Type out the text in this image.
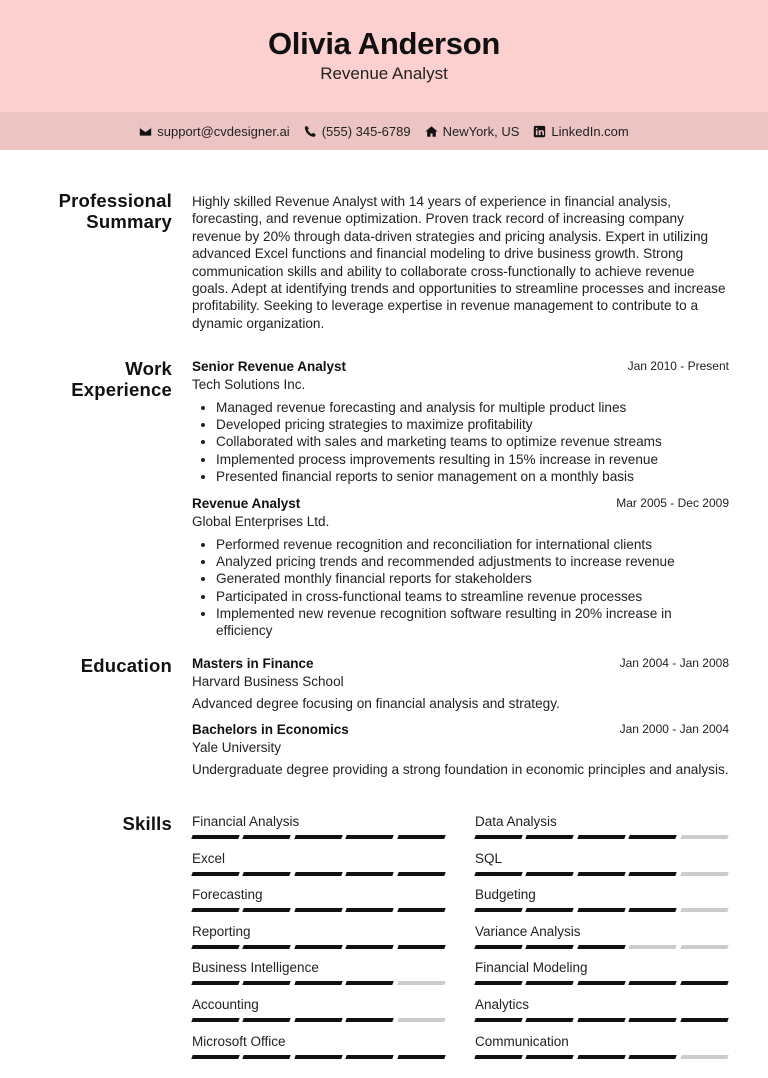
Olivia Anderson
Revenue Analyst
support@cvdesigner.ai (555) 345-6789 NewYork, US LinkedIn.com
Professional Summary

Highly skilled Revenue Analyst with 14 years of experience in financial analysis, forecasting, and revenue optimization. Proven track record of increasing company revenue by 20% through data-driven strategies and pricing analysis. Expert in utilizing advanced Excel functions and financial modeling to drive business growth. Strong communication skills and ability to collaborate cross-functionally to achieve revenue goals. Adept at identifying trends and opportunities to streamline processes and increase profitability. Seeking to leverage expertise in revenue management to contribute to a dynamic organization.

Work Experience
Senior Revenue Analyst	Jan 2010 - Present
Tech Solutions Inc.
• Managed revenue forecasting and analysis for multiple product lines
• Developed pricing strategies to maximize profitability
• Collaborated with sales and marketing teams to optimize revenue streams
• Implemented process improvements resulting in 15% increase in revenue
• Presented financial reports to senior management on a monthly basis
Revenue Analyst	Mar 2005 - Dec 2009
Global Enterprises Ltd.
• Performed revenue recognition and reconciliation for international clients
• Analyzed pricing trends and recommended adjustments to increase revenue
• Generated monthly financial reports for stakeholders
• Participated in cross-functional teams to streamline revenue processes
• Implemented new revenue recognition software resulting in 20% increase in efficiency
Education Masters in Finance	Jan 2004 - Jan 2008
Harvard Business School
Advanced degree focusing on financial analysis and strategy.
Bachelors in Economics	Jan 2000 - Jan 2004
Yale University
Undergraduate degree providing a strong foundation in economic principles and analysis.
Skills Financial Analysis	Data Analysis
Excel	SQL
Forecasting	Budgeting
Reporting	Variance Analysis
Business Intelligence	Financial Modeling
Accounting	Analytics
Microsoft Office	Communication
